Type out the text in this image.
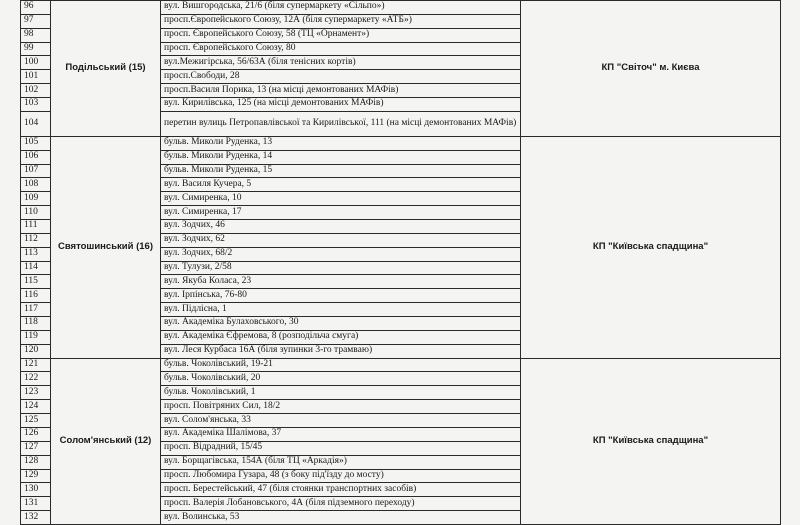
96	Подільський (15)	вул. Вишгородська, 21/6 (біля супермаркету «Сільпо»)	КП "Світоч" м. Києва
97		просп.Європейського Союзу, 12А (біля супермаркету «АТБ»)	
98		просп. Європейського Союзу, 58 (ТЦ «Орнамент»)	
99		просп. Європейського Союзу, 80	
100		вул.Межигірська, 56/63А (біля тенісних кортів)	
101		просп.Свободи, 28	
102		просп.Василя Порика, 13 (на місці демонтованих МАФів)	
103		вул. Кирилівська, 125 (на місці демонтованих МАФів)	
104		перетин вулиць Петропавлівської та Кирилівської, 111 (на місці демонтованих МАФів)	
105	Святошинський (16)	бульв. Миколи Руденка, 13	КП "Київська спадщина"
106		бульв. Миколи Руденка, 14	
107		бульв. Миколи Руденка, 15	
108		вул. Василя Кучера, 5	
109		вул. Симиренка, 10	
110		вул. Симиренка, 17	
111		вул. Зодчих, 46	
112		вул. Зодчих, 62	
113		вул. Зодчих, 68/2	
114		вул. Тулузи, 2/58	
115		вул. Якуба Коласа, 23	
116		вул. Ірпінська, 76-80	
117		вул. Підлісна, 1	
118		вул. Академіка Булаховського, 30	
119		вул. Академіка Єфремова, 8 (розподільча смуга)	
120		вул. Леся Курбаса 16А (біля зупинки 3-го трамваю)	
121	Солом'янський (12)	бульв. Чоколівський, 19-21	КП "Київська спадщина"
122		бульв. Чоколівський, 20	
123		бульв. Чоколівський, 1	
124		просп. Повітряних Сил, 18/2	
125		вул. Солом'янська, 33	
126		вул. Академіка Шалімова, 37	
127		просп. Відрадний, 15/45	
128		вул. Борщагівська, 154А (біля ТЦ «Аркадія»)	
129		просп. Любомира Гузара, 48 (з боку під'їзду до мосту)	
130		просп. Берестейський, 47 (біля стоянки транспортних засобів)	
131		просп. Валерія Лобановського, 4А (біля підземного переходу)	
132		вул. Волинська, 53	
